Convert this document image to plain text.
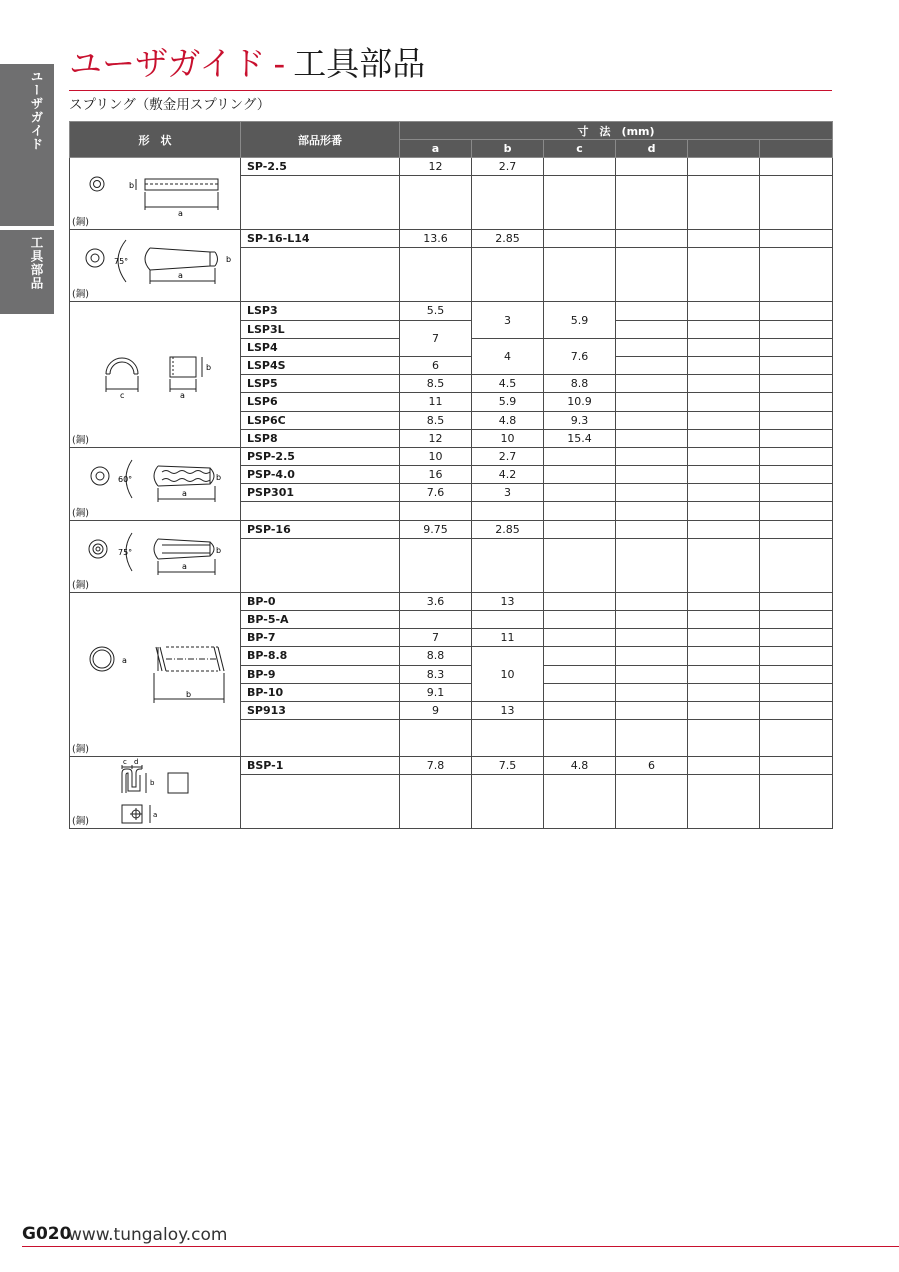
ユーザガイド
工具部品
ユーザガイド - 工具部品
スプリング（敷金用スプリング）
形　状	部品形番	寸　法　(mm)					
		a	b	c	d		

a
b
(鋼)	SP-2.5	12	2.7				

a
b
75°
(鋼)	SP-16-L14	13.6	2.85				

c a
b
(鋼)	LSP3	5.5	3	5.9			
	LSP3L	7					
	LSP4		4	7.6			
	LSP4S	6					
	LSP5	8.5	4.5	8.8			
	LSP6	11	5.9	10.9			
	LSP6C	8.5	4.8	9.3			
	LSP8	12	10	15.4			

a
b
60°
(鋼)	PSP-2.5	10	2.7				
	PSP-4.0	16	4.2				
	PSP301	7.6	3				

a
b
75°
(鋼)	PSP-16	9.75	2.85				

b
a
(鋼)	BP-0	3.6	13				
	BP-5-A						
	BP-7	7	11				
	BP-8.8	8.8	10				
	BP-9	8.3					
	BP-10	9.1					
	SP913	9	13				

c d
b
a
(鋼)	BSP-1	7.8	7.5	4.8	6		

G020
www.tungaloy.com
